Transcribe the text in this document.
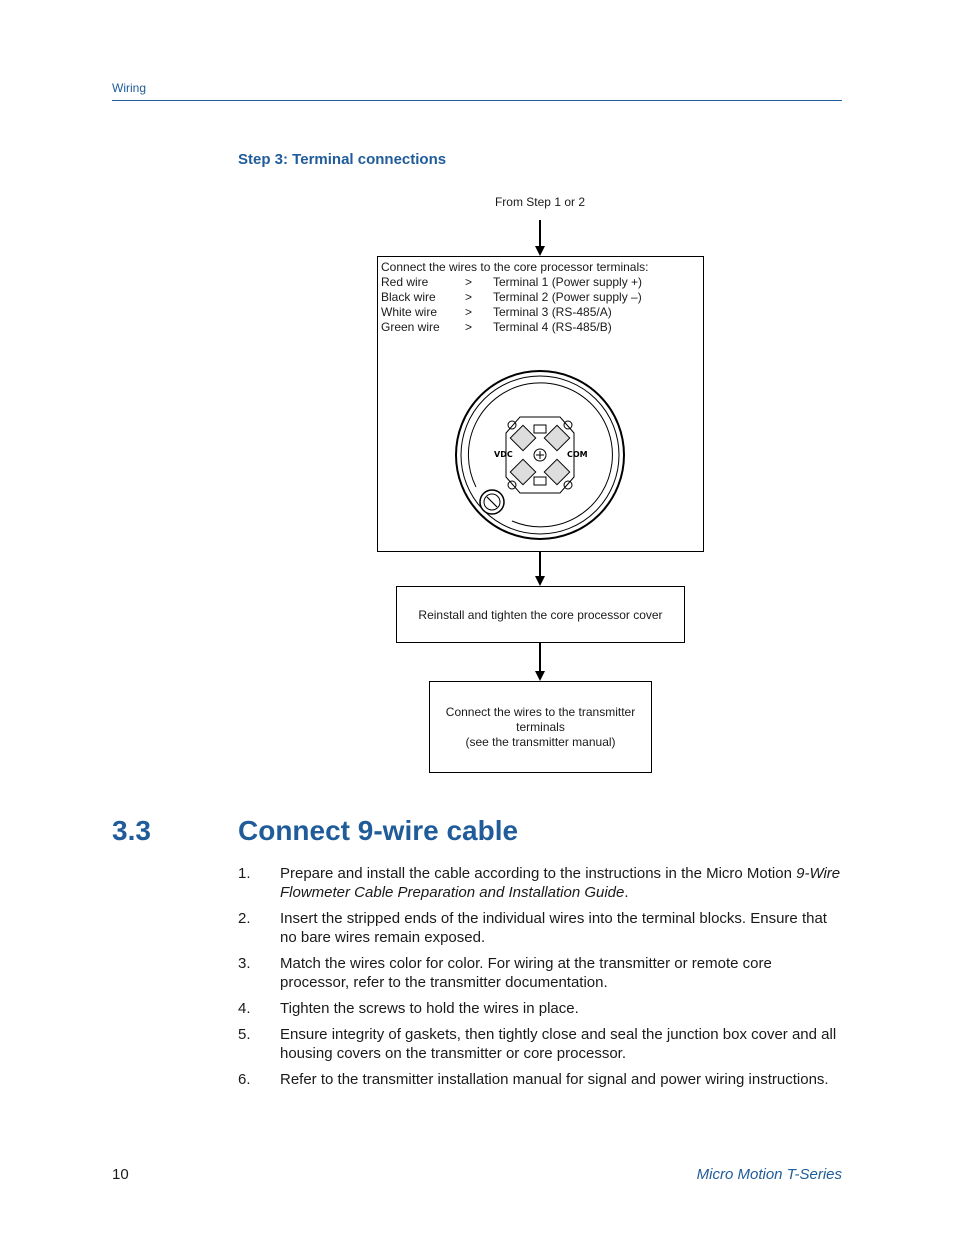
Wiring
Step 3: Terminal connections
From Step 1 or 2
Connect the wires to the core processor terminals:
Red wire	>	Terminal 1 (Power supply +)
Black wire	>	Terminal 2 (Power supply –)
White wire	>	Terminal 3 (RS-485/A)
Green wire	>	Terminal 4 (RS-485/B)
VDC	COM
Reinstall and tighten the core processor cover
Connect the wires to the transmitter terminals
(see the transmitter manual)
3.3	Connect 9-wire cable
1.	Prepare and install the cable according to the instructions in the Micro Motion 9-Wire Flowmeter Cable Preparation and Installation Guide.
2.	Insert the stripped ends of the individual wires into the terminal blocks. Ensure that no bare wires remain exposed.
3.	Match the wires color for color. For wiring at the transmitter or remote core processor, refer to the transmitter documentation.
4.	Tighten the screws to hold the wires in place.
5.	Ensure integrity of gaskets, then tightly close and seal the junction box cover and all housing covers on the transmitter or core processor.
6.	Refer to the transmitter installation manual for signal and power wiring instructions.
10	Micro Motion T-Series
